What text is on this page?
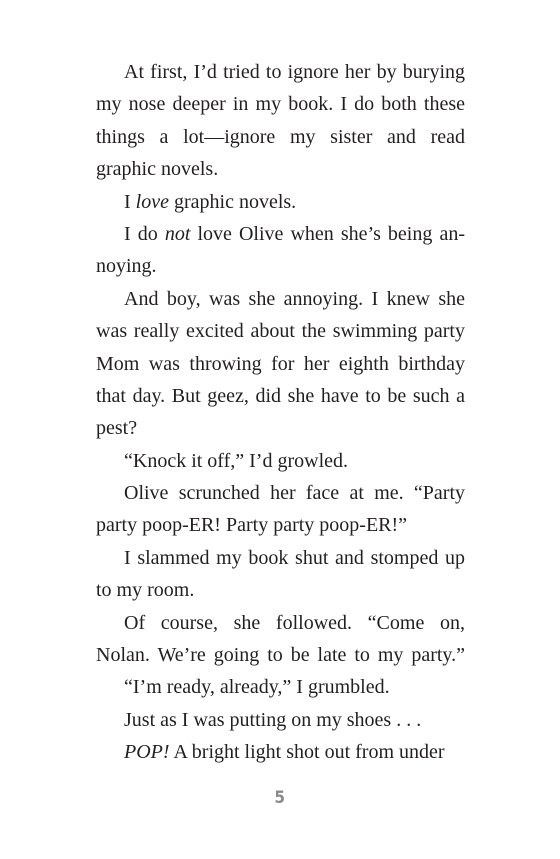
At first, I’d tried to ignore her by burying
my nose deeper in my book. I do both these
things a lot—ignore my sister and read
graphic novels.
I love graphic novels.
I do not love Olive when she’s being an-
noying.
And boy, was she annoying. I knew she
was really excited about the swimming party
Mom was throwing for her eighth birthday
that day. But geez, did she have to be such a
pest?
“Knock it off,” I’d growled.
Olive scrunched her face at me. “Party
party poop-ER! Party party poop-ER!”
I slammed my book shut and stomped up
to my room.
Of course, she followed. “Come on,
Nolan. We’re going to be late to my party.”
“I’m ready, already,” I grumbled.
Just as I was putting on my shoes . . .
POP! A bright light shot out from under
5
